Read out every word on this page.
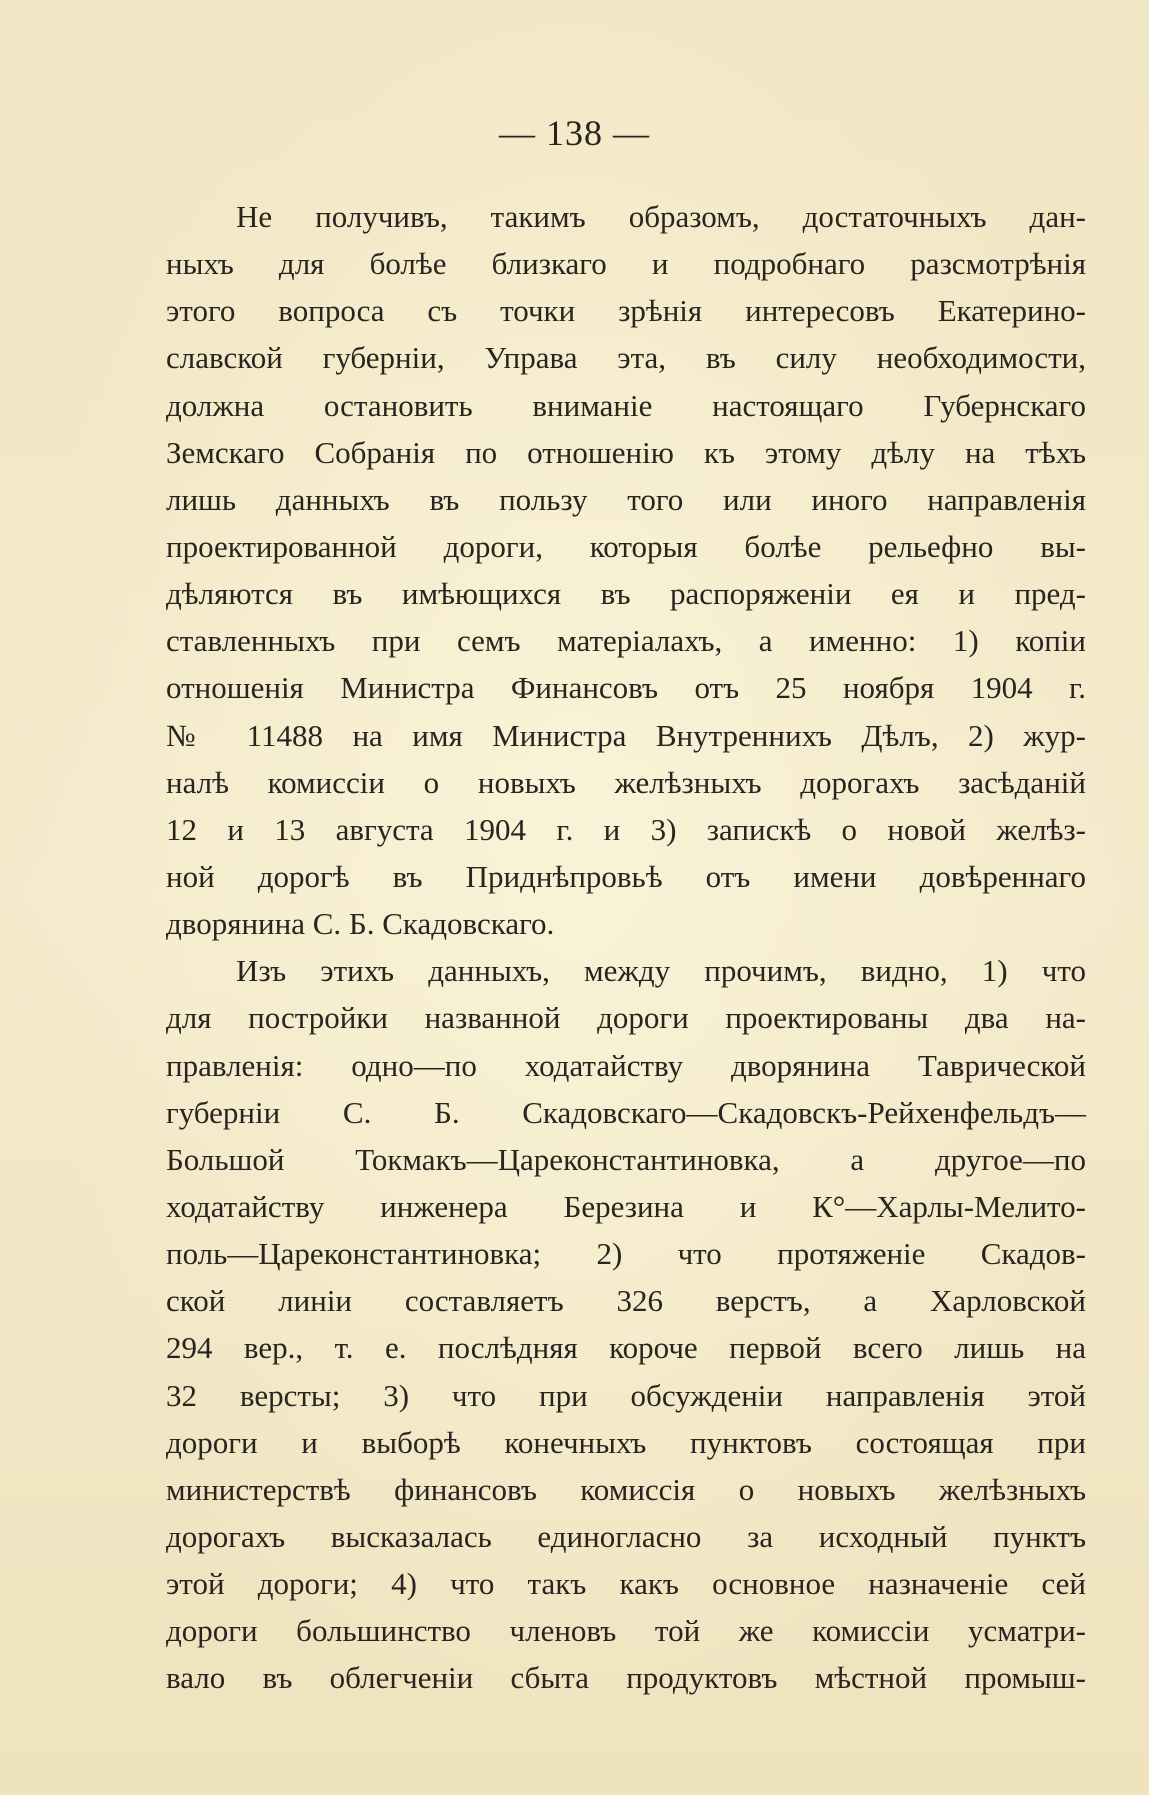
— 138 —
Не получивъ, такимъ образомъ, достаточныхъ дан-
ныхъ для болѣе близкаго и подробнаго разсмотрѣнія
этого вопроса съ точки зрѣнія интересовъ Екатерино-
славской губерніи, Управа эта, въ силу необходимости,
должна остановить вниманіе настоящаго Губернскаго
Земскаго Собранія по отношенію къ этому дѣлу на тѣхъ
лишь данныхъ въ пользу того или иного направленія
проектированной дороги, которыя болѣе рельефно вы-
дѣляются въ имѣющихся въ распоряженіи ея и пред-
ставленныхъ при семъ матеріалахъ, а именно: 1) копіи
отношенія Министра Финансовъ отъ 25 ноября 1904 г.
№ 11488 на имя Министра Внутреннихъ Дѣлъ, 2) жур-
налѣ комиссіи о новыхъ желѣзныхъ дорогахъ засѣданій
12 и 13 августа 1904 г. и 3) запискѣ о новой желѣз-
ной дорогѣ въ Приднѣпровьѣ отъ имени довѣреннаго
дворянина С. Б. Скадовскаго.
Изъ этихъ данныхъ, между прочимъ, видно, 1) что
для постройки названной дороги проектированы два на-
правленія: одно—по ходатайству дворянина Таврической
губерніи С. Б. Скадовскаго—Скадовскъ-Рейхенфельдъ—
Большой Токмакъ—Цареконстантиновка, а другое—по
ходатайству инженера Березина и К°—Харлы-Мелито-
поль—Цареконстантиновка; 2) что протяженіе Скадов-
ской линіи составляетъ 326 верстъ, а Харловской
294 вер., т. е. послѣдняя короче первой всего лишь на
32 версты; 3) что при обсужденіи направленія этой
дороги и выборѣ конечныхъ пунктовъ состоящая при
министерствѣ финансовъ комиссія о новыхъ желѣзныхъ
дорогахъ высказалась единогласно за исходный пунктъ
этой дороги; 4) что такъ какъ основное назначеніе сей
дороги большинство членовъ той же комиссіи усматри-
вало въ облегченіи сбыта продуктовъ мѣстной промыш-
